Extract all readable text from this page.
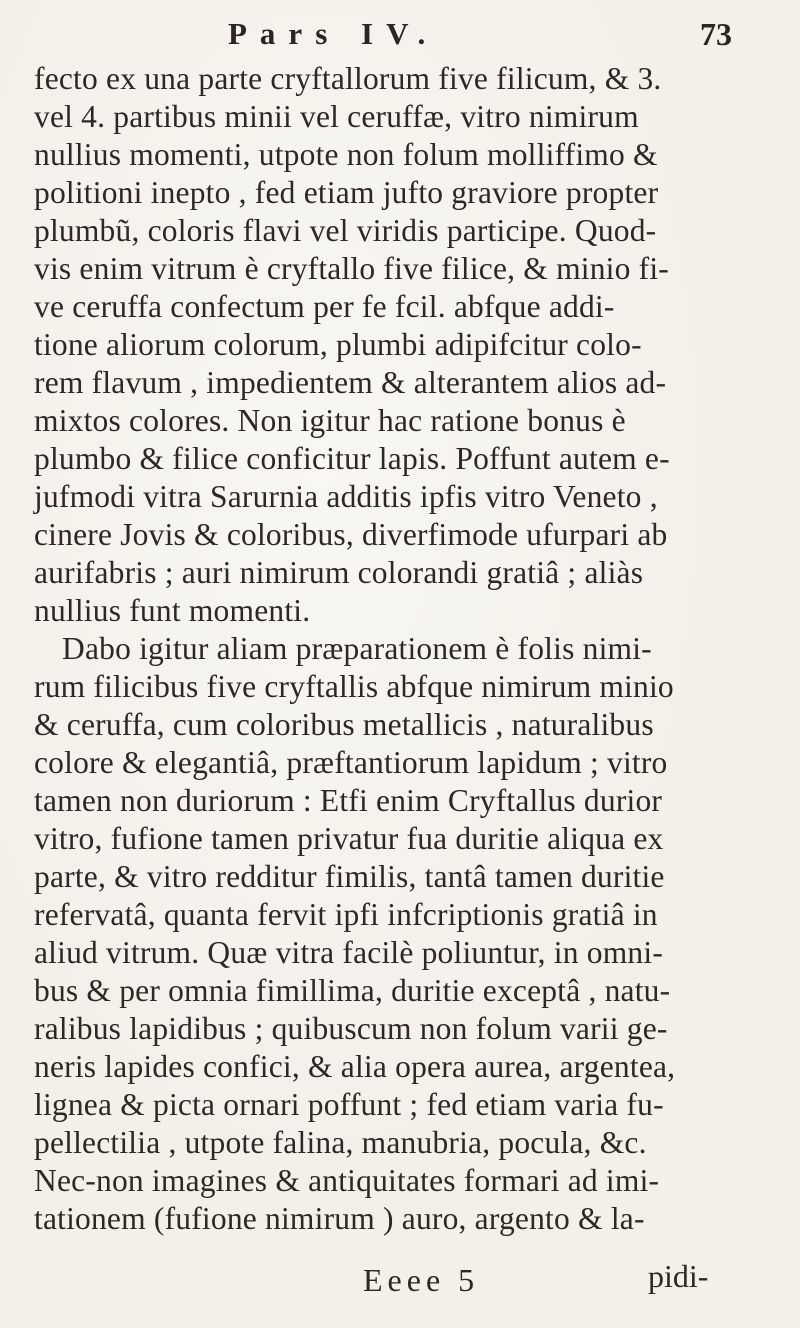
Pars IV.	73
fecto ex una parte cryftallorum five filicum, & 3.
vel 4. partibus minii vel ceruffæ, vitro nimirum
nullius momenti, utpote non folum molliffimo &
politioni inepto , fed etiam jufto graviore propter
plumbũ, coloris flavi vel viridis participe. Quod-
vis enim vitrum è cryftallo five filice, & minio fi-
ve ceruffa confectum per fe fcil. abfque addi-
tione aliorum colorum, plumbi adipifcitur colo-
rem flavum , impedientem & alterantem alios ad-
mixtos colores. Non igitur hac ratione bonus è
plumbo & filice conficitur lapis. Poffunt autem e-
jufmodi vitra Sarurnia additis ipfis vitro Veneto ,
cinere Jovis & coloribus, diverfimode ufurpari ab
aurifabris ; auri nimirum colorandi gratiâ ; aliàs
nullius funt momenti.
Dabo igitur aliam præparationem è folis nimi-
rum filicibus five cryftallis abfque nimirum minio
& ceruffa, cum coloribus metallicis , naturalibus
colore & elegantiâ, præftantiorum lapidum ; vitro
tamen non duriorum : Etfi enim Cryftallus durior
vitro, fufione tamen privatur fua duritie aliqua ex
parte, & vitro redditur fimilis, tantâ tamen duritie
refervatâ, quanta fervit ipfi infcriptionis gratiâ in
aliud vitrum. Quæ vitra facilè poliuntur, in omni-
bus & per omnia fimillima, duritie exceptâ , natu-
ralibus lapidibus ; quibuscum non folum varii ge-
neris lapides confici, & alia opera aurea, argentea,
lignea & picta ornari poffunt ; fed etiam varia fu-
pellectilia , utpote falina, manubria, pocula, &c.
Nec-non imagines & antiquitates formari ad imi-
tationem (fufione nimirum ) auro, argento & la-
Eeee 5	pidi-
